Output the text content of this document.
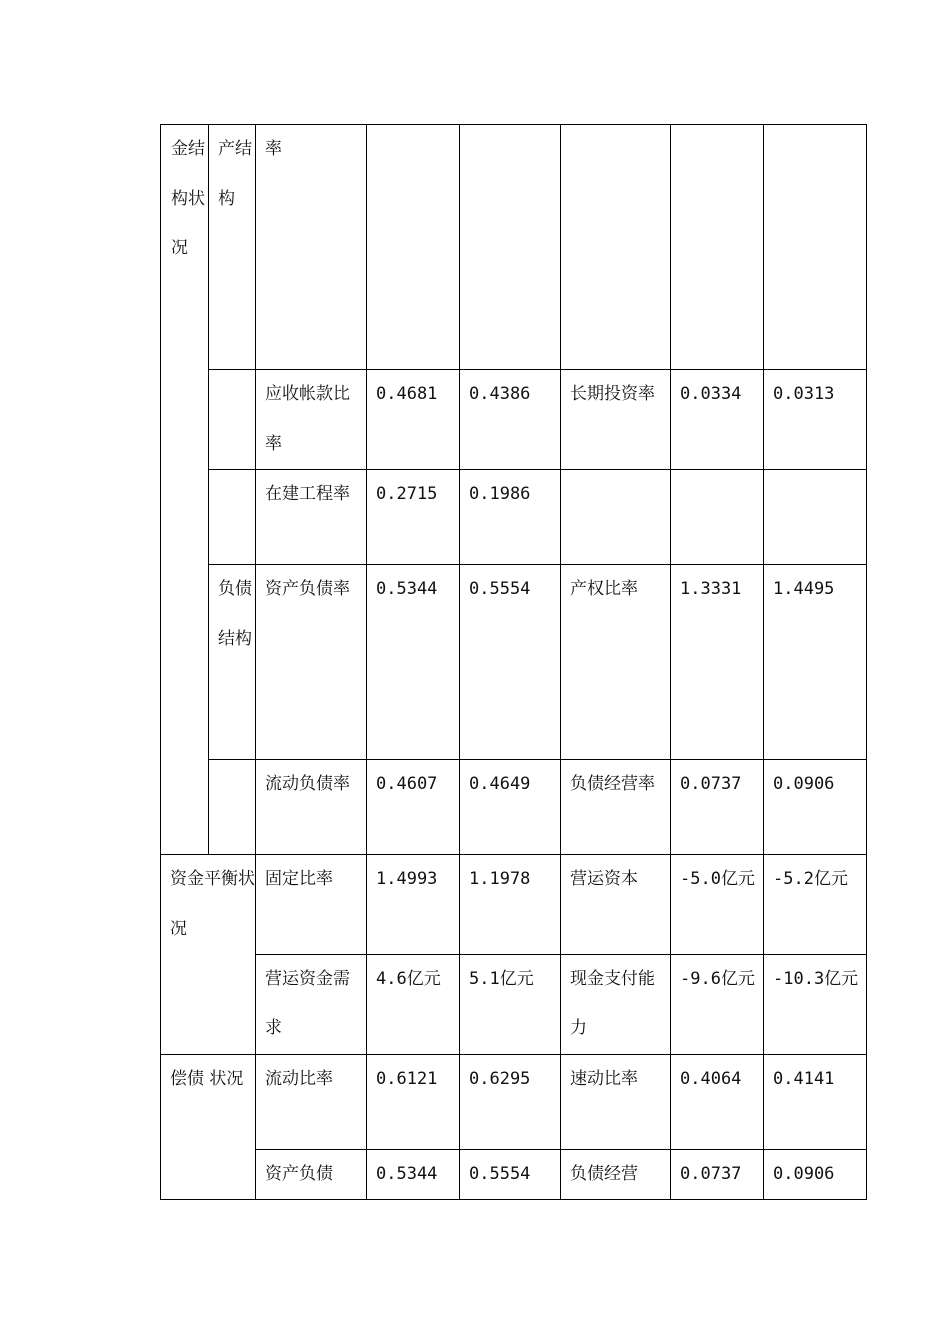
金结构状况	产结构	率					
		应收帐款比率	0.4681	0.4386	长期投资率	0.0334	0.0313
		在建工程率	0.2715	0.1986			
	负债结构	资产负债率	0.5344	0.5554	产权比率	1.3331	1.4495
		流动负债率	0.4607	0.4649	负债经营率	0.0737	0.0906
资金平衡状况		固定比率	1.4993	1.1978	营运资本	-5.0亿元	-5.2亿元
		营运资金需求	4.6亿元	5.1亿元	现金支付能力	-9.6亿元	-10.3亿元
偿债 状况		流动比率	0.6121	0.6295	速动比率	0.4064	0.4141
		资产负债	0.5344	0.5554	负债经营	0.0737	0.0906
